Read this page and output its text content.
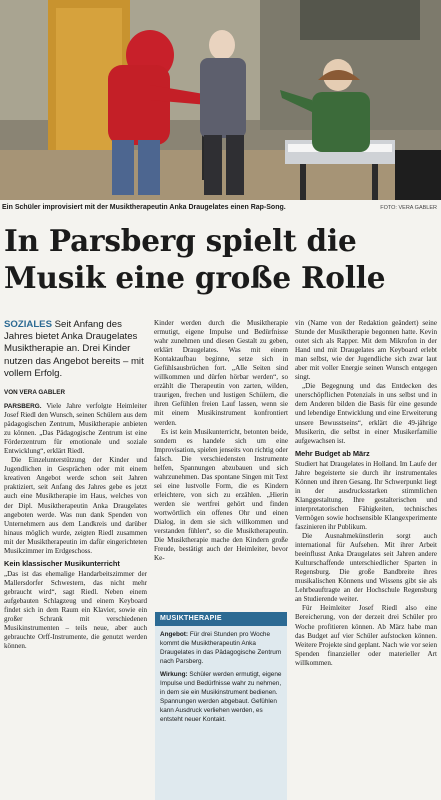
Ein Schüler improvisiert mit der Musiktherapeutin Anka Draugelates einen Rap-Song.	FOTO: VERA GABLER
In Parsberg spielt die Musik eine große Rolle

SOZIALES Seit Anfang des Jahres bietet Anka Draugelates Musiktherapie an. Drei Kinder nutzen das Angebot bereits – mit vollem Erfolg.

VON VERA GABLER

PARSBERG. Viele Jahre verfolgte Heimleiter Josef Riedl den Wunsch, seinen Schülern aus dem pädagogischen Zentrum, Musiktherapie anbieten zu können. „Das Pädagogische Zentrum ist eine Förderzentrum für emotionale und soziale Entwicklung“, erklärt Riedl.

Die Einzelunterstützung der Kinder und Jugendlichen in Gesprächen oder mit einem kreativen Angebot werde schon seit Jahren praktiziert, seit Anfang des Jahres gebe es jetzt auch eine Musiktherapie im Haus, welches von der Dipl. Musiktherapeutin Anka Draugelates angeboten werde. Was nun dank Spenden von Unternehmern aus dem Landkreis und darüber hinaus möglich wurde, zeigten Riedl zusammen mit der Musiktherapeutin im dafür eingerichteten Musikzimmer im Erdgeschoss.

Kein klassischer Musikunterricht

„Das ist das ehemalige Handarbeitszimmer der Mallersdorfer Schwestern, das nicht mehr gebraucht wird“, sagt Riedl. Neben einem aufgebauten Schlagzeug und einem Keyboard findet sich in dem Raum ein Klavier, sowie ein großer Schrank mit verschiedenen Musikinstrumenten – teils neue, aber auch gebrauchte Orff-Instrumente, die genutzt werden können.

Kinder werden durch die Musiktherapie ermutigt, eigene Impulse und Bedürfnisse wahr zunehmen und diesen Gestalt zu geben, erklärt Draugelates. Was mit einem Kontaktaufbau beginne, setze sich in Gefühlsausbrüchen fort. „Alle Seiten sind willkommen und dürfen hörbar werden“, so erzählt die Therapeutin von zarten, wilden, traurigen, frechen und lustigen Schülern, die ihren Gefühlen freien Lauf lassen, wenn sie mit einem Musikinstrument konfrontiert werden.

Es ist kein Musikunterricht, betonten beide, sondern es handele sich um eine Improvisation, spielen jenseits von richtig oder falsch. Die verschiedensten Instrumente helfen, Spannungen abzubauen und sich wahrzunehmen. Das spontane Singen mit Text sei eine lustvolle Form, die es Kindern erleichtere, von sich zu erzählen. „Hierin werden sie wertfrei gehört und finden wortwörtlich ein offenes Ohr und einen Dialog, in dem sie sich willkommen und verstanden fühlen“, so die Musiktherapeutin. Die Musiktherapie mache den Kindern große Freude, bestätigt auch der Heimleiter, bevor Ke-

MUSIKTHERAPIE

Angebot: Für drei Stunden pro Woche kommt die Musiktherapeutin Anka Draugelates in das Pädagogische Zentrum nach Parsberg.

Wirkung: Schüler werden ermutigt, eigene Impulse und Bedürfnisse wahr zu nehmen, in dem sie ein Musikinstrument bedienen. Spannungen werden abgebaut. Gefühlen kann Ausdruck verliehen werden, es entsteht neuer Kontakt.

vin (Name von der Redaktion geändert) seine Stunde der Musiktherapie begonnen hatte. Kevin outet sich als Rapper. Mit dem Mikrofon in der Hand und mit Draugelates am Keyboard erlebt man selbst, wie der Jugendliche sich zwar laut aber mit voller Energie seinen Wunsch entgegen singt.

„Die Begegnung und das Entdecken des unerschöpflichen Potenzials in uns selbst und in dem Anderen bilden die Basis für eine gesunde und lebendige Entwicklung und eine Erweiterung unsere Bewusstseins“, erklärt die 49-jährige Musikerin, die selbst in einer Musikerfamilie aufgewachsen ist.

Mehr Budget ab März

Studiert hat Draugelates in Holland. Im Laufe der Jahre begeisterte sie durch ihr instrumentales Können und ihren Gesang. Ihr Schwerpunkt liegt in der ausdrucksstarken stimmlichen Klanggestaltung. Ihre gestalterischen und interpretatorischen Fähigkeiten, technisches Vermögen sowie hochsensible Klangexperimente faszinieren ihr Publikum.

Die Ausnahmekünstlerin sorgt auch international für Aufsehen. Mit ihrer Arbeit beeinflusst Anka Draugelates seit Jahren andere Kulturschaffende unterschiedlicher Sparten in Regensburg. Die große Bandbreite ihres musikalischen Könnens und Wissens gibt sie als Lehrbeauftragte an der Hochschule Regensburg an Studierende weiter.

Für Heimleiter Josef Riedl also eine Bereicherung, von der derzeit drei Schüler pro Woche profitieren können. Ab März habe man das Budget auf vier Schüler aufstocken können. Weitere Projekte sind geplant. Nach wie vor seien Spenden finanzieller oder materieller Art willkommen.
